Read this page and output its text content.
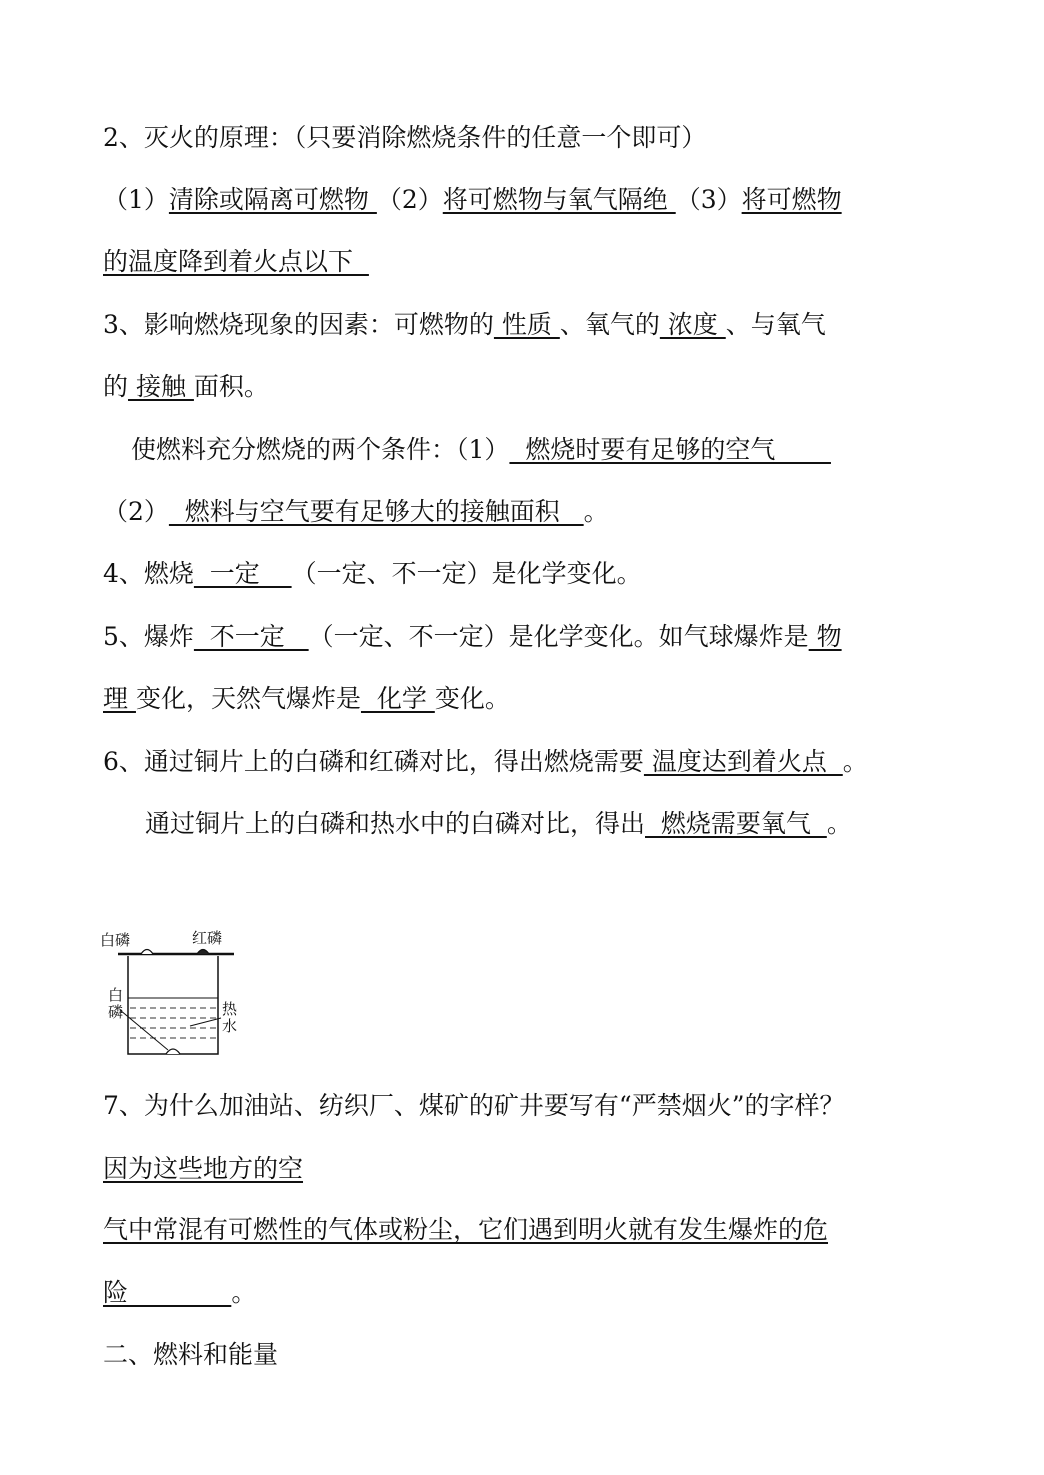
2、灭火的原理：（只要消除燃烧条件的任意一个即可）
（1）清除或隔离可燃物 （2）将可燃物与氧气隔绝 （3）将可燃物
的温度降到着火点以下
3、影响燃烧现象的因素：可燃物的 性质 、氧气的 浓度 、与氧气
的 接触 面积。
使燃料充分燃烧的两个条件：（1）  燃烧时要有足够的空气
（2）  燃料与空气要有足够大的接触面积   。
4、燃烧  一定    （一定、不一定）是化学变化。
5、爆炸  不一定   （一定、不一定）是化学变化。如气球爆炸是 物
理 变化，天然气爆炸是  化学 变化。
6、通过铜片上的白磷和红磷对比，得出燃烧需要 温度达到着火点  。
通过铜片上的白磷和热水中的白磷对比，得出  燃烧需要氧气  。
白磷	红磷
白
磷	热
水
7、为什么加油站、纺织厂、煤矿的矿井要写有“严禁烟火”的字样？
因为这些地方的空
气中常混有可燃性的气体或粉尘，它们遇到明火就有发生爆炸的危
险             。
二、燃料和能量
